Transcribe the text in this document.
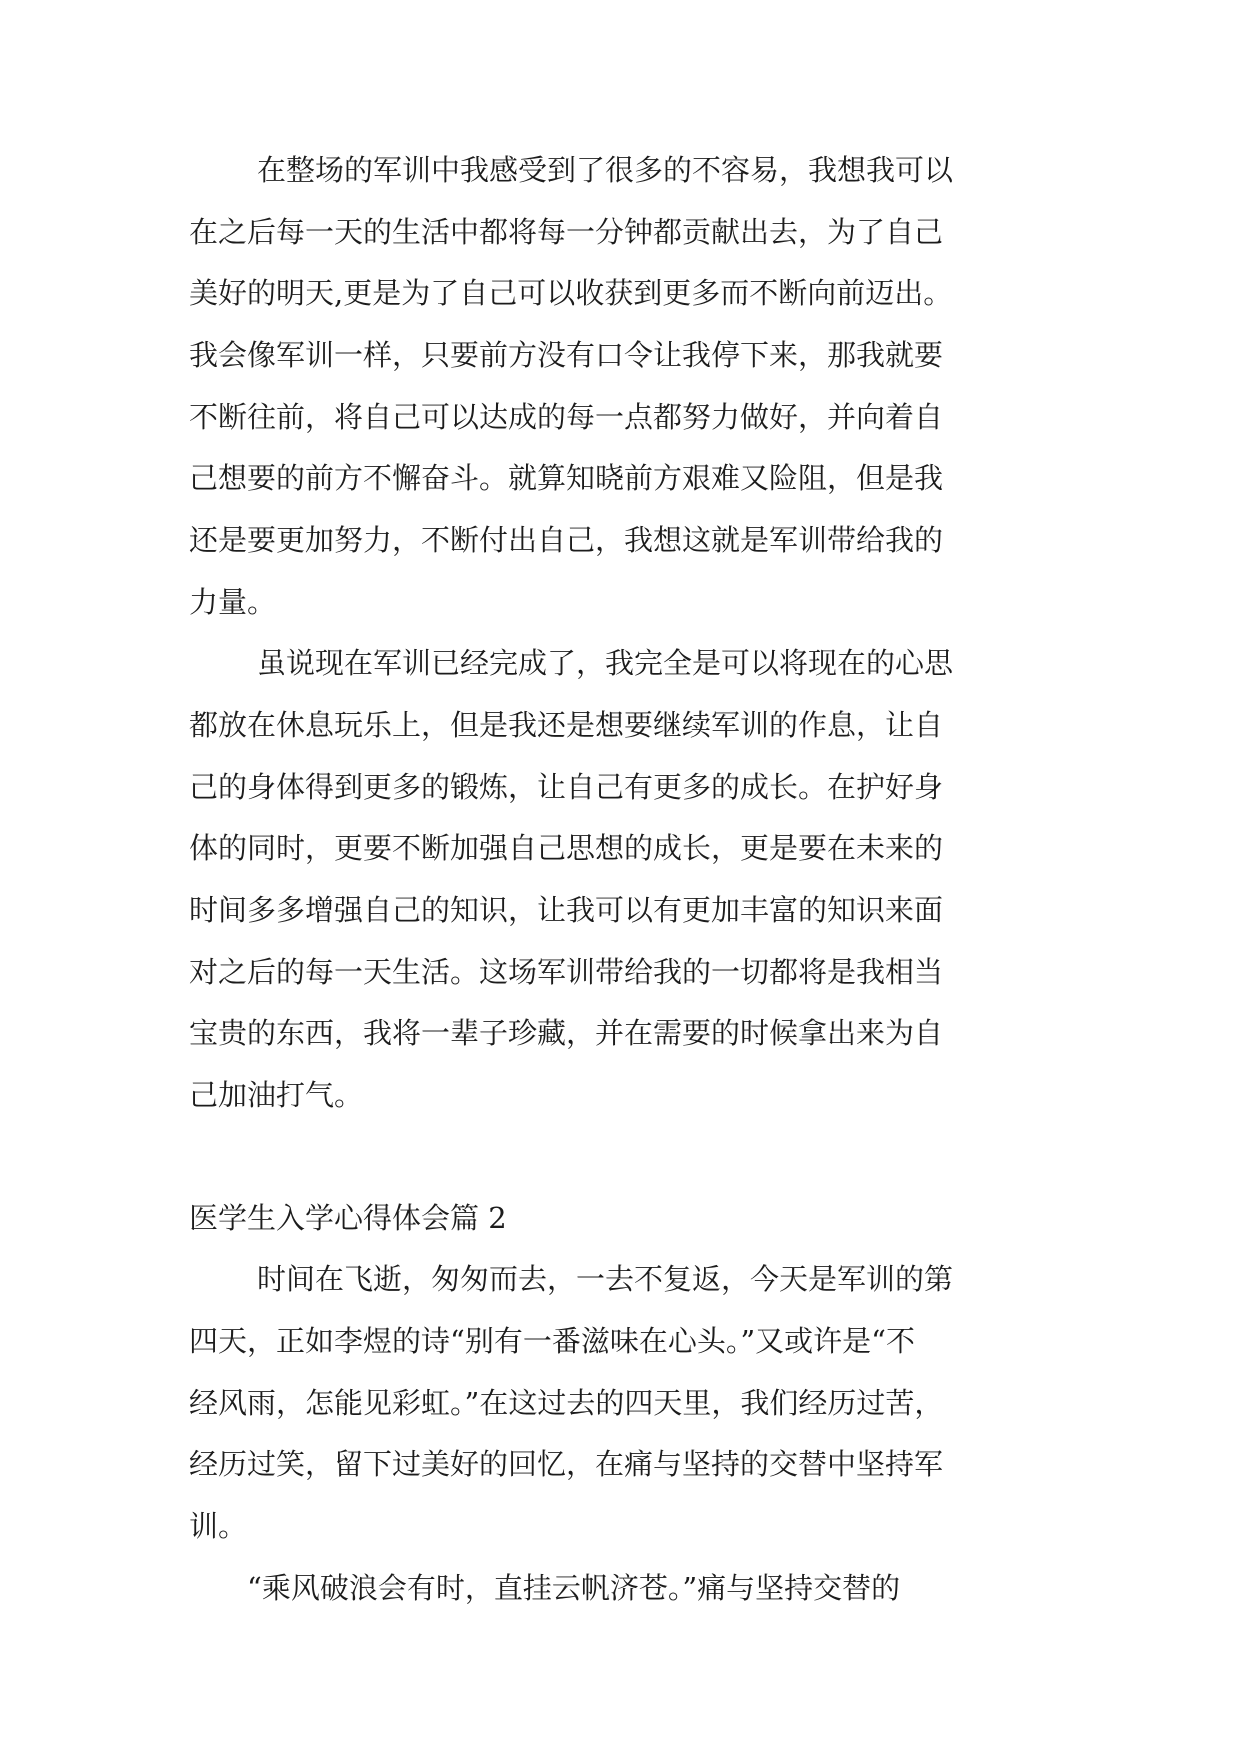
在整场的军训中我感受到了很多的不容易，我想我可以

在之后每一天的生活中都将每一分钟都贡献出去，为了自己

美好的明天,更是为了自己可以收获到更多而不断向前迈出。

我会像军训一样，只要前方没有口令让我停下来，那我就要

不断往前，将自己可以达成的每一点都努力做好，并向着自

己想要的前方不懈奋斗。就算知晓前方艰难又险阻，但是我

还是要更加努力，不断付出自己，我想这就是军训带给我的

力量。

虽说现在军训已经完成了，我完全是可以将现在的心思

都放在休息玩乐上，但是我还是想要继续军训的作息，让自

己的身体得到更多的锻炼，让自己有更多的成长。在护好身

体的同时，更要不断加强自己思想的成长，更是要在未来的

时间多多增强自己的知识，让我可以有更加丰富的知识来面

对之后的每一天生活。这场军训带给我的一切都将是我相当

宝贵的东西，我将一辈子珍藏，并在需要的时候拿出来为自

己加油打气。

医学生入学心得体会篇 2

时间在飞逝，匆匆而去，一去不复返，今天是军训的第

四天，正如李煜的诗“别有一番滋味在心头。”又或许是“不

经风雨，怎能见彩虹。”在这过去的四天里，我们经历过苦，

经历过笑，留下过美好的回忆，在痛与坚持的交替中坚持军

训。

“乘风破浪会有时，直挂云帆济苍。”痛与坚持交替的
